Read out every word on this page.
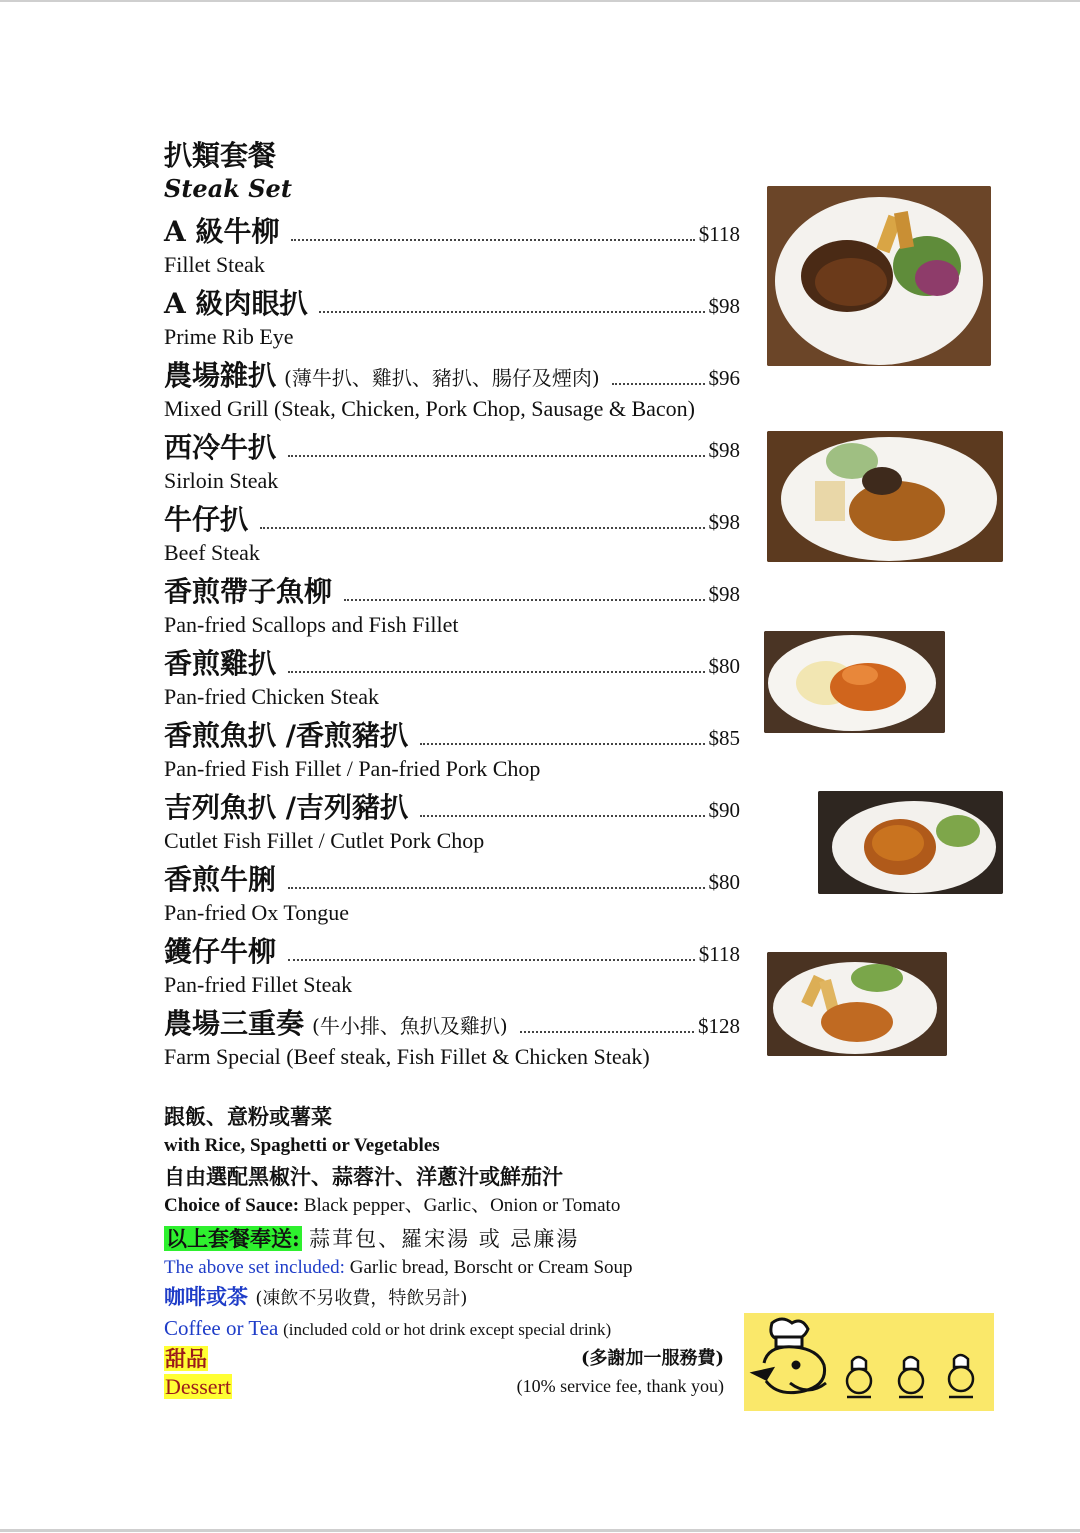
扒類套餐
Steak Set
A 級牛柳	$118
Fillet Steak
A 級肉眼扒	$98
Prime Rib Eye
農場雜扒 (薄牛扒、雞扒、豬扒、腸仔及煙肉)	$96
Mixed Grill (Steak, Chicken, Pork Chop, Sausage & Bacon)
西冷牛扒	$98
Sirloin Steak
牛仔扒	$98
Beef Steak
香煎帶子魚柳	$98
Pan-fried Scallops and Fish Fillet
香煎雞扒	$80
Pan-fried Chicken Steak
香煎魚扒 /香煎豬扒	$85
Pan-fried Fish Fillet / Pan-fried Pork Chop
吉列魚扒 /吉列豬扒	$90
Cutlet Fish Fillet / Cutlet Pork Chop
香煎牛脷	$80
Pan-fried Ox Tongue
鑊仔牛柳	$118
Pan-fried Fillet Steak
農場三重奏 (牛小排、魚扒及雞扒)	$128
Farm Special (Beef steak, Fish Fillet & Chicken Steak)
跟飯、意粉或薯菜
with Rice, Spaghetti or Vegetables
自由選配黑椒汁、蒜蓉汁、洋蔥汁或鮮茄汁
Choice of Sauce: Black pepper、Garlic、Onion or Tomato
以上套餐奉送: 蒜茸包、羅宋湯 或 忌廉湯
The above set included: Garlic bread, Borscht or Cream Soup
咖啡或茶 (凍飲不另收費，特飲另計)
Coffee or Tea (included cold or hot drink except special drink)
甜品
Dessert
(多謝加一服務費)
(10% service fee, thank you)
